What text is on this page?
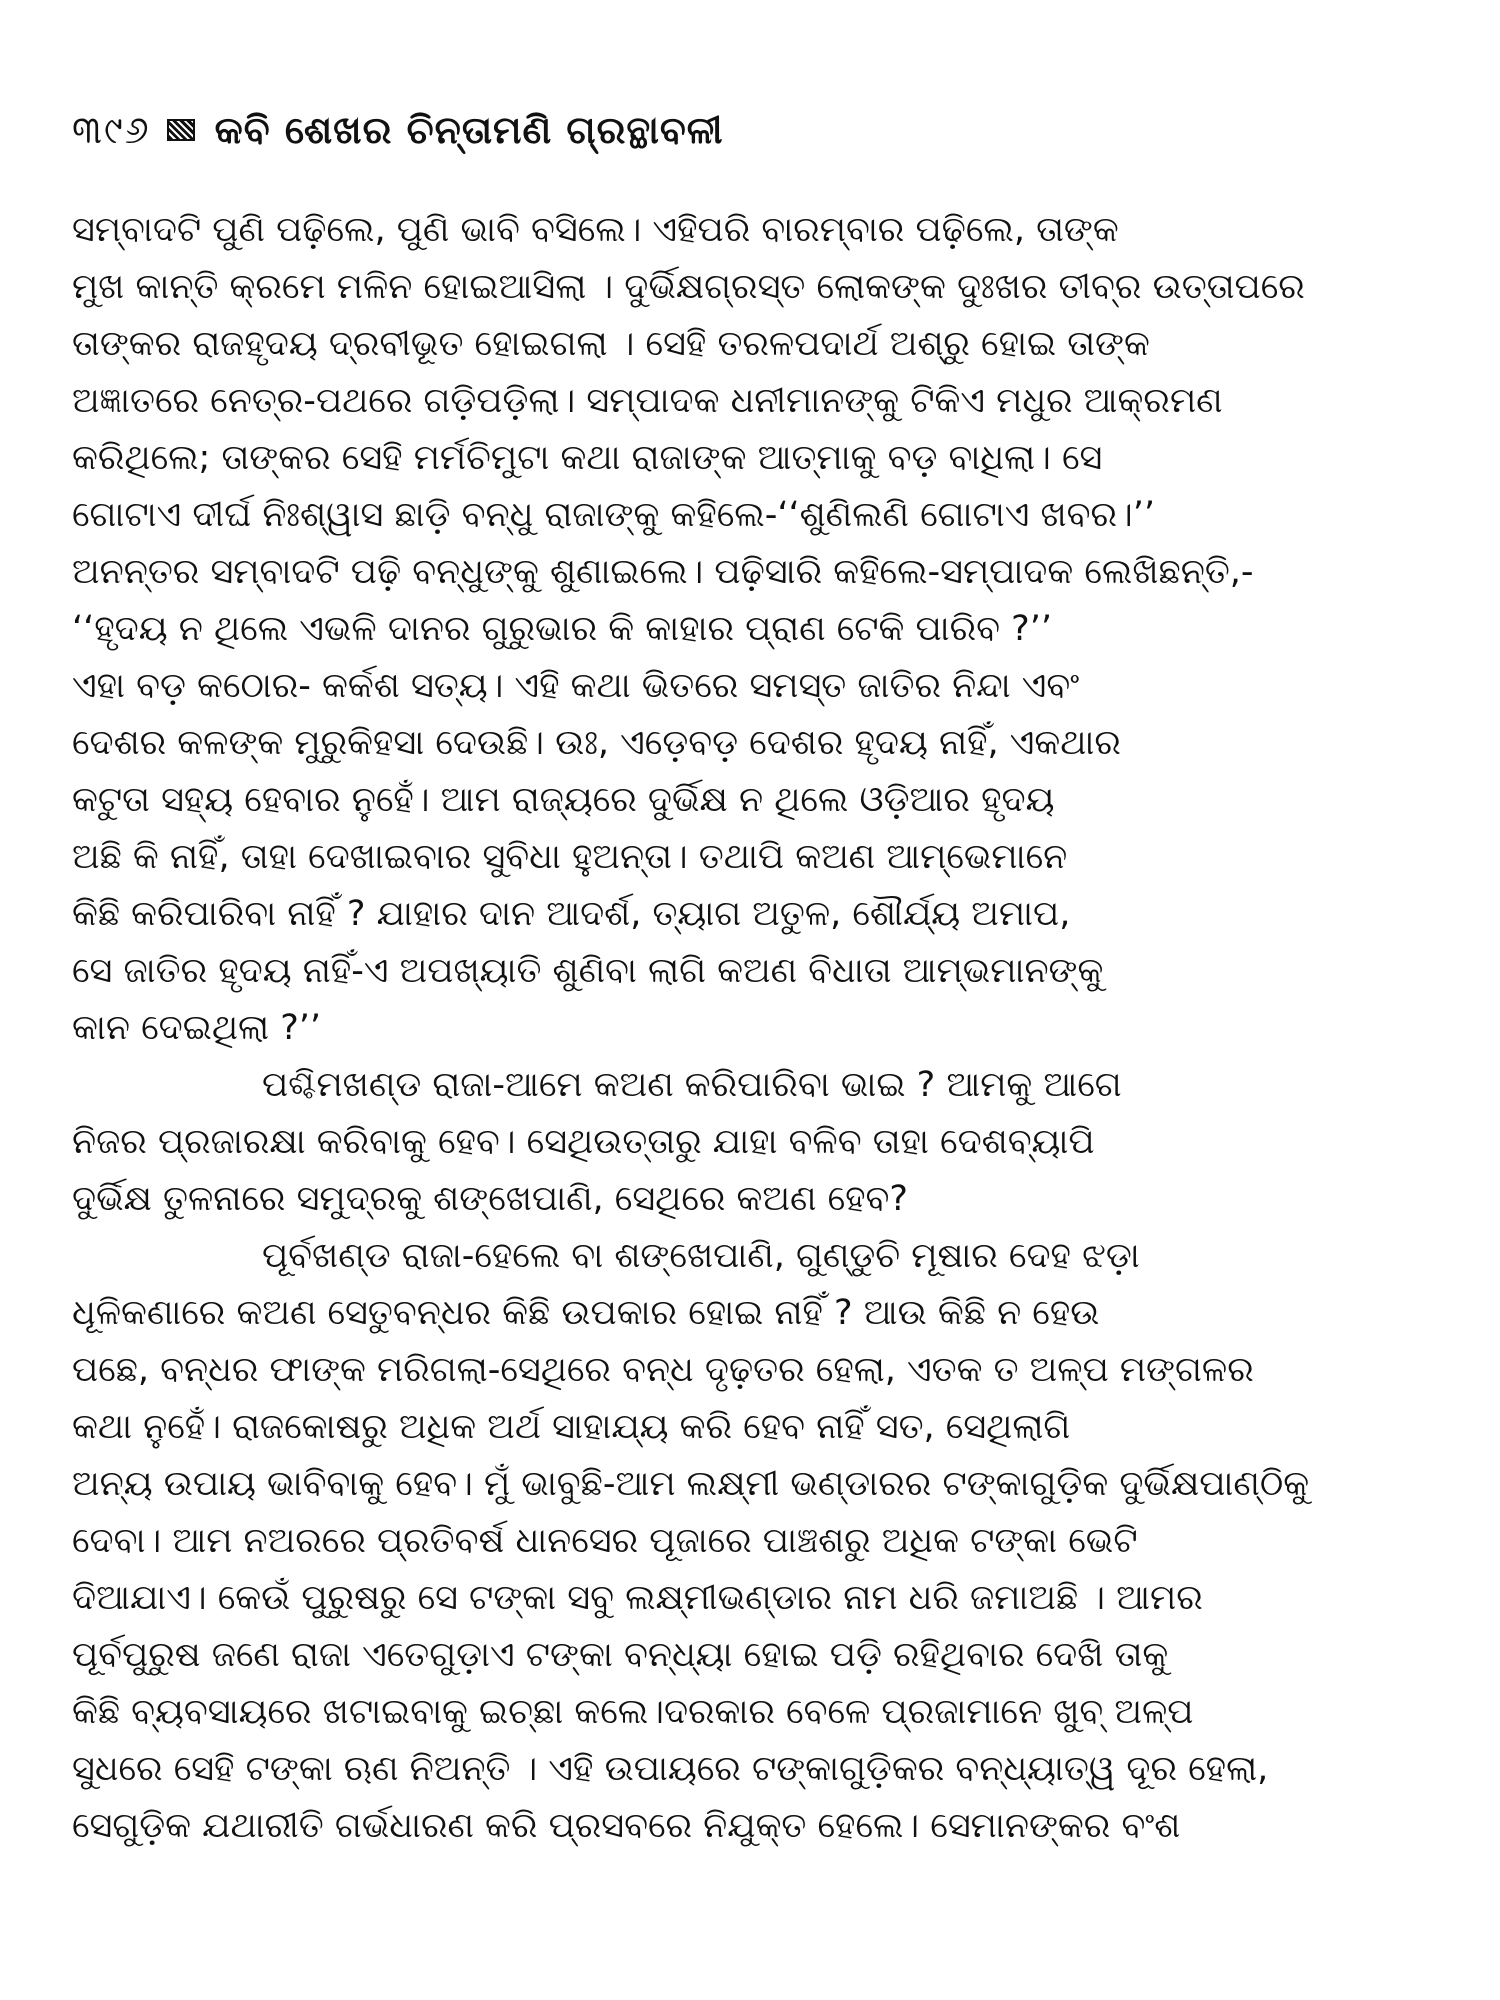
୩୯୬ କବି ଶେଖର ଚିନ୍ତାମଣି ଗ୍ରନ୍ଥାବଳୀ
ସମ୍ବାଦଟି ପୁଣି ପଢ଼ିଲେ, ପୁଣି ଭାବି ବସିଲେ। ଏହିପରି ବାରମ୍ବାର ପଢ଼ିଲେ, ତାଙ୍କ
ମୁଖ କାନ୍ତି କ୍ରମେ ମଳିନ ହୋଇଆସିଲା । ଦୁର୍ଭିକ୍ଷଗ୍ରସ୍ତ ଲୋକଙ୍କ ଦୁଃଖର ତୀବ୍ର ଉତ୍ତାପରେ
ତାଙ୍କର ରାଜହୃଦୟ ଦ୍ରବୀଭୂତ ହୋଇଗଲା । ସେହି ତରଳପଦାର୍ଥ ଅଶ୍ରୁ ହୋଇ ତାଙ୍କ
ଅଜ୍ଞାତରେ ନେତ୍ର-ପଥରେ ଗଡ଼ିପଡ଼ିଲା। ସମ୍ପାଦକ ଧନୀମାନଙ୍କୁ ଟିକିଏ ମଧୁର ଆକ୍ରମଣ
କରିଥିଲେ; ତାଙ୍କର ସେହି ମର୍ମଚିମୁଟା କଥା ରାଜାଙ୍କ ଆତ୍ମାକୁ ବଡ଼ ବାଧିଲା। ସେ
ଗୋଟାଏ ଦୀର୍ଘ ନିଃଶ୍ୱାସ ଛାଡ଼ି ବନ୍ଧୁ ରାଜାଙ୍କୁ କହିଲେ-‘‘ଶୁଣିଲଣି ଗୋଟାଏ ଖବର।’’
ଅନନ୍ତର ସମ୍ବାଦଟି ପଢ଼ି ବନ୍ଧୁଙ୍କୁ ଶୁଣାଇଲେ। ପଢ଼ିସାରି କହିଲେ-ସମ୍ପାଦକ ଲେଖିଛନ୍ତି,-
‘‘ହୃଦୟ ନ ଥିଲେ ଏଭଳି ଦାନର ଗୁରୁଭାର କି କାହାର ପ୍ରାଣ ଟେକି ପାରିବ ?’’
ଏହା ବଡ଼ କଠୋର- କର୍କଶ ସତ୍ୟ। ଏହି କଥା ଭିତରେ ସମସ୍ତ ଜାତିର ନିନ୍ଦା ଏବଂ
ଦେଶର କଳଙ୍କ ମୁରୁକିହସା ଦେଉଛି। ଉଃ, ଏଡ଼େବଡ଼ ଦେଶର ହୃଦୟ ନାହିଁ, ଏକଥାର
କଟୁତା ସହ୍ୟ ହେବାର ନୁହେଁ। ଆମ ରାଜ୍ୟରେ ଦୁର୍ଭିକ୍ଷ ନ ଥିଲେ ଓଡ଼ିଆର ହୃଦୟ
ଅଛି କି ନାହିଁ, ତାହା ଦେଖାଇବାର ସୁବିଧା ହୁଅନ୍ତା। ତଥାପି କଅଣ ଆମ୍ଭେମାନେ
କିଛି କରିପାରିବା ନାହିଁ ? ଯାହାର ଦାନ ଆଦର୍ଶ, ତ୍ୟାଗ ଅତୁଳ, ଶୌର୍ଯ୍ୟ ଅମାପ,
ସେ ଜାତିର ହୃଦୟ ନାହିଁ-ଏ ଅପଖ୍ୟାତି ଶୁଣିବା ଲାଗି କଅଣ ବିଧାତା ଆମ୍ଭମାନଙ୍କୁ
କାନ ଦେଇଥିଲା ?’’
ପଶ୍ଚିମଖଣ୍ଡ ରାଜା-ଆମେ କଅଣ କରିପାରିବା ଭାଇ ? ଆମକୁ ଆଗେ
ନିଜର ପ୍ରଜାରକ୍ଷା କରିବାକୁ ହେବ। ସେଥିଉତ୍ତାରୁ ଯାହା ବଳିବ ତାହା ଦେଶବ୍ୟାପି
ଦୁର୍ଭିକ୍ଷ ତୁଳନାରେ ସମୁଦ୍ରକୁ ଶଙ୍ଖେପାଣି, ସେଥିରେ କଅଣ ହେବ?
ପୂର୍ବଖଣ୍ଡ ରାଜା-ହେଲେ ବା ଶଙ୍ଖେପାଣି, ଗୁଣ୍ଡୁଚି ମୂଷାର ଦେହ ଝଡ଼ା
ଧୂଳିକଣାରେ କଅଣ ସେତୁବନ୍ଧର କିଛି ଉପକାର ହୋଇ ନାହିଁ ? ଆଉ କିଛି ନ ହେଉ
ପଛେ, ବନ୍ଧର ଫାଙ୍କ ମରିଗଲା-ସେଥିରେ ବନ୍ଧ ଦୃଢ଼ତର ହେଲା, ଏତକ ତ ଅଳ୍ପ ମଙ୍ଗଳର
କଥା ନୁହେଁ। ରାଜକୋଷରୁ ଅଧିକ ଅର୍ଥ ସାହାଯ୍ୟ କରି ହେବ ନାହିଁ ସତ, ସେଥିଲାଗି
ଅନ୍ୟ ଉପାୟ ଭାବିବାକୁ ହେବ। ମୁଁ ଭାବୁଛି-ଆମ ଲକ୍ଷ୍ମୀ ଭଣ୍ଡାରର ଟଙ୍କାଗୁଡ଼ିକ ଦୁର୍ଭିକ୍ଷପାଣ୍ଠିକୁ
ଦେବା। ଆମ ନଅରରେ ପ୍ରତିବର୍ଷ ଧାନସେର ପୂଜାରେ ପାଞ୍ଚଶରୁ ଅଧିକ ଟଙ୍କା ଭେଟି
ଦିଆଯାଏ। କେଉଁ ପୁରୁଷରୁ ସେ ଟଙ୍କା ସବୁ ଲକ୍ଷ୍ମୀଭଣ୍ଡାର ନାମ ଧରି ଜମାଅଛି । ଆମର
ପୂର୍ବପୁରୁଷ ଜଣେ ରାଜା ଏତେଗୁଡ଼ାଏ ଟଙ୍କା ବନ୍ଧ୍ୟା ହୋଇ ପଡ଼ି ରହିଥିବାର ଦେଖି ତାକୁ
କିଛି ବ୍ୟବସାୟରେ ଖଟାଇବାକୁ ଇଚ୍ଛା କଲେ।ଦରକାର ବେଳେ ପ୍ରଜାମାନେ ଖୁବ୍ ଅଳ୍ପ
ସୁଧରେ ସେହି ଟଙ୍କା ଋଣ ନିଅନ୍ତି । ଏହି ଉପାୟରେ ଟଙ୍କାଗୁଡ଼ିକର ବନ୍ଧ୍ୟାତ୍ୱ ଦୂର ହେଲା,
ସେଗୁଡ଼ିକ ଯଥାରୀତି ଗର୍ଭଧାରଣ କରି ପ୍ରସବରେ ନିଯୁକ୍ତ ହେଲେ। ସେମାନଙ୍କର ବଂଶ
